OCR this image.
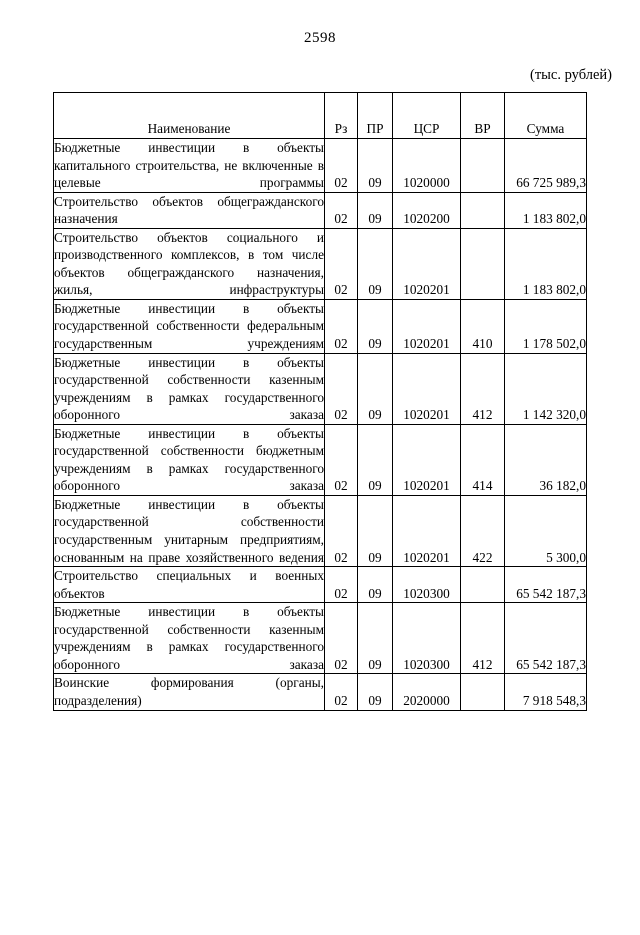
2598
(тыс. рублей)
Наименование	Рз	ПР	ЦСР	ВР	Сумма
Бюджетные инвестиции в объекты капитального строительства, не включенные в целевые программы	02	09	1020000		66 725 989,3
Строительство объектов общегражданского назначения	02	09	1020200		1 183 802,0
Строительство объектов социального и производственного комплексов, в том числе объектов общегражданского назначения, жилья, инфраструктуры	02	09	1020201		1 183 802,0
Бюджетные инвестиции в объекты государственной собственности федеральным государственным учреждениям	02	09	1020201	410	1 178 502,0
Бюджетные инвестиции в объекты государственной собственности казенным учреждениям в рамках государственного оборонного заказа	02	09	1020201	412	1 142 320,0
Бюджетные инвестиции в объекты государственной собственности бюджетным учреждениям в рамках государственного оборонного заказа	02	09	1020201	414	36 182,0
Бюджетные инвестиции в объекты государственной собственности государственным унитарным предприятиям, основанным на праве хозяйственного ведения	02	09	1020201	422	5 300,0
Строительство специальных и военных объектов	02	09	1020300		65 542 187,3
Бюджетные инвестиции в объекты государственной собственности казенным учреждениям в рамках государственного оборонного заказа	02	09	1020300	412	65 542 187,3
Воинские формирования (органы, подразделения)	02	09	2020000		7 918 548,3
